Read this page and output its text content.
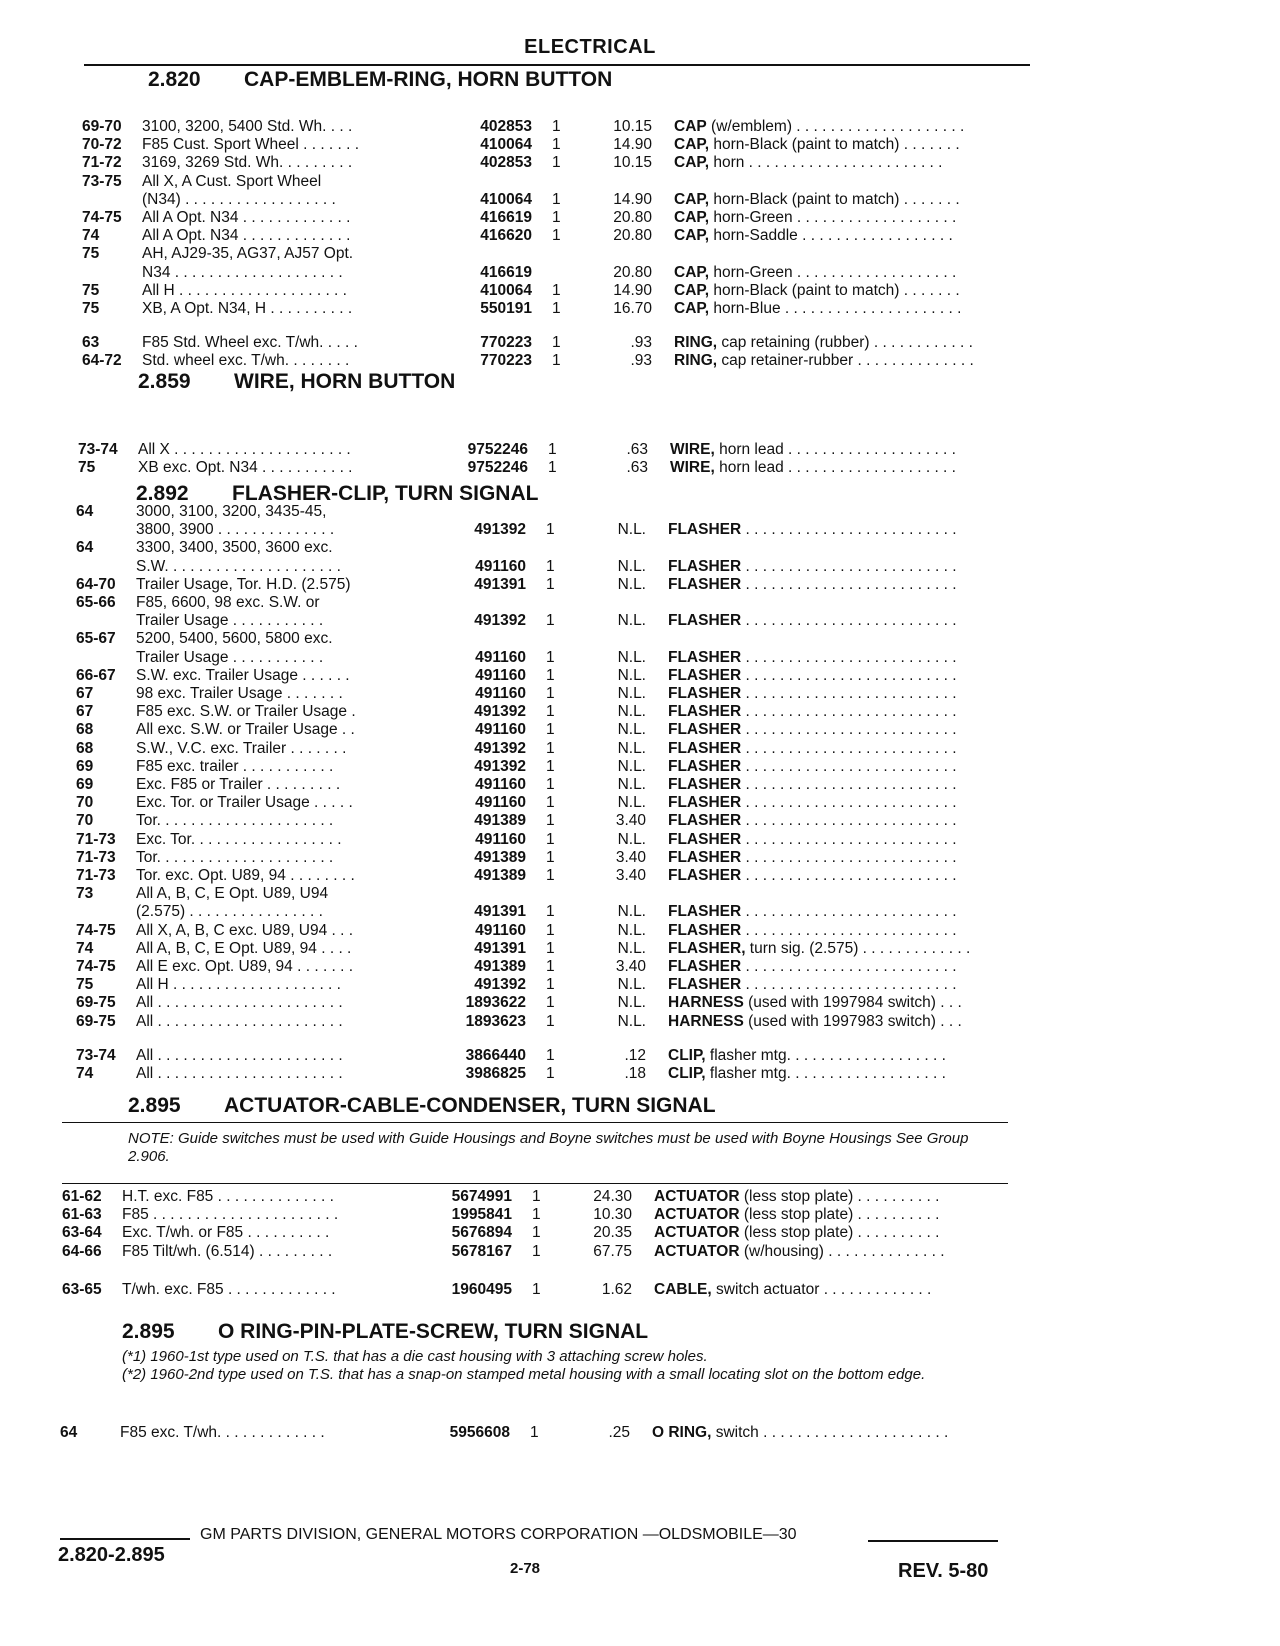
ELECTRICAL
2.820 CAP-EMBLEM-RING, HORN BUTTON
69-70	3100, 3200, 5400 Std. Wh. . . .	402853 1	10.15 CAP (w/emblem) . . . . . . . . . . . . . . . . . . . .
70-72	F85 Cust. Sport Wheel . . . . . . .	410064 1	14.90 CAP, horn-Black (paint to match) . . . . . . .
71-72	3169, 3269 Std. Wh. . . . . . . . .	402853 1	10.15 CAP, horn . . . . . . . . . . . . . . . . . . . . . . .
73-75	All X, A Cust. Sport Wheel
(N34) . . . . . . . . . . . . . . . . . .	410064 1	14.90 CAP, horn-Black (paint to match) . . . . . . .
74-75	All A Opt. N34 . . . . . . . . . . . . .	416619 1	20.80 CAP, horn-Green . . . . . . . . . . . . . . . . . . .
74	All A Opt. N34 . . . . . . . . . . . . .	416620 1	20.80 CAP, horn-Saddle . . . . . . . . . . . . . . . . . .
75	AH, AJ29-35, AG37, AJ57 Opt.
N34 . . . . . . . . . . . . . . . . . . . .	416619	20.80 CAP, horn-Green . . . . . . . . . . . . . . . . . . .
75	All H . . . . . . . . . . . . . . . . . . . .	410064 1	14.90 CAP, horn-Black (paint to match) . . . . . . .
75	XB, A Opt. N34, H . . . . . . . . . .	550191 1	16.70 CAP, horn-Blue . . . . . . . . . . . . . . . . . . . . .
63	F85 Std. Wheel exc. T/wh. . . . .	770223 1	.93 RING, cap retaining (rubber) . . . . . . . . . . . .
64-72	Std. wheel exc. T/wh. . . . . . . .	770223 1	.93 RING, cap retainer-rubber . . . . . . . . . . . . . .
2.859 WIRE, HORN BUTTON
73-74	All X . . . . . . . . . . . . . . . . . . . . .	9752246 1	.63 WIRE, horn lead . . . . . . . . . . . . . . . . . . . .
75	XB exc. Opt. N34 . . . . . . . . . . .	9752246 1	.63 WIRE, horn lead . . . . . . . . . . . . . . . . . . . .
2.892 FLASHER-CLIP, TURN SIGNAL
64	3000, 3100, 3200, 3435-45,
3800, 3900 . . . . . . . . . . . . . .	491392 1	N.L. FLASHER . . . . . . . . . . . . . . . . . . . . . . . . .
64	3300, 3400, 3500, 3600 exc.
S.W. . . . . . . . . . . . . . . . . . . . .	491160 1	N.L. FLASHER . . . . . . . . . . . . . . . . . . . . . . . . .
64-70	Trailer Usage, Tor. H.D. (2.575)	491391 1	N.L. FLASHER . . . . . . . . . . . . . . . . . . . . . . . . .
65-66	F85, 6600, 98 exc. S.W. or
Trailer Usage . . . . . . . . . . .	491392 1	N.L. FLASHER . . . . . . . . . . . . . . . . . . . . . . . . .
65-67	5200, 5400, 5600, 5800 exc.
Trailer Usage . . . . . . . . . . .	491160 1	N.L. FLASHER . . . . . . . . . . . . . . . . . . . . . . . . .
66-67	S.W. exc. Trailer Usage . . . . . .	491160 1	N.L. FLASHER . . . . . . . . . . . . . . . . . . . . . . . . .
67	98 exc. Trailer Usage . . . . . . .	491160 1	N.L. FLASHER . . . . . . . . . . . . . . . . . . . . . . . . .
67	F85 exc. S.W. or Trailer Usage .	491392 1	N.L. FLASHER . . . . . . . . . . . . . . . . . . . . . . . . .
68	All exc. S.W. or Trailer Usage . .	491160 1	N.L. FLASHER . . . . . . . . . . . . . . . . . . . . . . . . .
68	S.W., V.C. exc. Trailer . . . . . . .	491392 1	N.L. FLASHER . . . . . . . . . . . . . . . . . . . . . . . . .
69	F85 exc. trailer . . . . . . . . . . .	491392 1	N.L. FLASHER . . . . . . . . . . . . . . . . . . . . . . . . .
69	Exc. F85 or Trailer . . . . . . . . .	491160 1	N.L. FLASHER . . . . . . . . . . . . . . . . . . . . . . . . .
70	Exc. Tor. or Trailer Usage . . . . .	491160 1	N.L. FLASHER . . . . . . . . . . . . . . . . . . . . . . . . .
70	Tor. . . . . . . . . . . . . . . . . . . . .	491389 1	3.40 FLASHER . . . . . . . . . . . . . . . . . . . . . . . . .
71-73	Exc. Tor. . . . . . . . . . . . . . . . . .	491160 1	N.L. FLASHER . . . . . . . . . . . . . . . . . . . . . . . . .
71-73	Tor. . . . . . . . . . . . . . . . . . . . .	491389 1	3.40 FLASHER . . . . . . . . . . . . . . . . . . . . . . . . .
71-73	Tor. exc. Opt. U89, 94 . . . . . . . .	491389 1	3.40 FLASHER . . . . . . . . . . . . . . . . . . . . . . . . .
73	All A, B, C, E Opt. U89, U94
(2.575) . . . . . . . . . . . . . . . .	491391 1	N.L. FLASHER . . . . . . . . . . . . . . . . . . . . . . . . .
74-75	All X, A, B, C exc. U89, U94 . . .	491160 1	N.L. FLASHER . . . . . . . . . . . . . . . . . . . . . . . . .
74	All A, B, C, E Opt. U89, 94 . . . .	491391 1	N.L. FLASHER, turn sig. (2.575) . . . . . . . . . . . . .
74-75	All E exc. Opt. U89, 94 . . . . . . .	491389 1	3.40 FLASHER . . . . . . . . . . . . . . . . . . . . . . . . .
75	All H . . . . . . . . . . . . . . . . . . . .	491392 1	N.L. FLASHER . . . . . . . . . . . . . . . . . . . . . . . . .
69-75	All . . . . . . . . . . . . . . . . . . . . . .	1893622 1	N.L. HARNESS (used with 1997984 switch) . . .
69-75	All . . . . . . . . . . . . . . . . . . . . . .	1893623 1	N.L. HARNESS (used with 1997983 switch) . . .
73-74	All . . . . . . . . . . . . . . . . . . . . . .	3866440 1	.12 CLIP, flasher mtg. . . . . . . . . . . . . . . . . . .
74	All . . . . . . . . . . . . . . . . . . . . . .	3986825 1	.18 CLIP, flasher mtg. . . . . . . . . . . . . . . . . . .
2.895 ACTUATOR-CABLE-CONDENSER, TURN SIGNAL
NOTE: Guide switches must be used with Guide Housings and Boyne switches must be used with Boyne Housings See Group 2.906.
61-62	H.T. exc. F85 . . . . . . . . . . . . . .	5674991 1	24.30 ACTUATOR (less stop plate) . . . . . . . . . .
61-63	F85 . . . . . . . . . . . . . . . . . . . . . .	1995841 1	10.30 ACTUATOR (less stop plate) . . . . . . . . . .
63-64	Exc. T/wh. or F85 . . . . . . . . . .	5676894 1	20.35 ACTUATOR (less stop plate) . . . . . . . . . .
64-66	F85 Tilt/wh. (6.514) . . . . . . . . .	5678167 1	67.75 ACTUATOR (w/housing) . . . . . . . . . . . . . .
63-65	T/wh. exc. F85 . . . . . . . . . . . . .	1960495 1	1.62 CABLE, switch actuator . . . . . . . . . . . . .
2.895 O RING-PIN-PLATE-SCREW, TURN SIGNAL
(*1) 1960-1st type used on T.S. that has a die cast housing with 3 attaching screw holes.
(*2) 1960-2nd type used on T.S. that has a snap-on stamped metal housing with a small locating slot on the bottom edge.
64	F85 exc. T/wh. . . . . . . . . . . . .	5956608 1	.25 O RING, switch . . . . . . . . . . . . . . . . . . . . . .
GM PARTS DIVISION, GENERAL MOTORS CORPORATION —OLDSMOBILE—30
2.820-2.895
2-78	REV. 5-80
